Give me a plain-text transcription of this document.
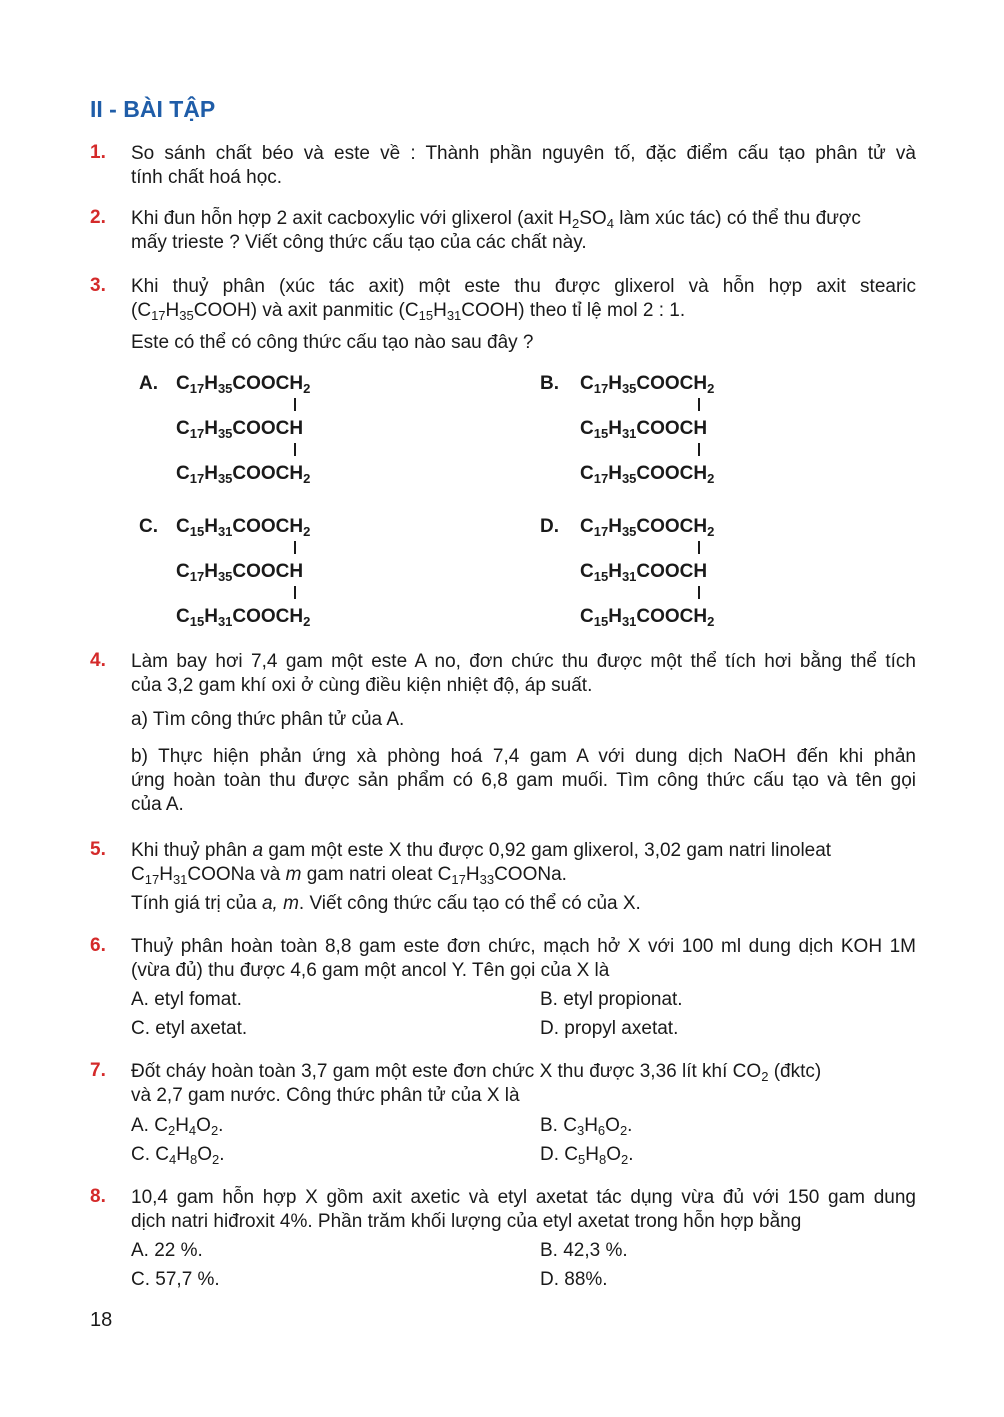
II - BÀI TẬP
1. So sánh chất béo và este về : Thành phần nguyên tố, đặc điểm cấu tạo phân tử và
tính chất hoá học.
2. Khi đun hỗn hợp 2 axit cacboxylic với glixerol (axit $H_2SO_4$ làm xúc tác) có thể thu được
mấy trieste ? Viết công thức cấu tạo của các chất này.
3. Khi thuỷ phân (xúc tác axit) một este thu được glixerol và hỗn hợp axit stearic
$(C_{17}H_{35}COOH)$ và axit panmitic $(C_{15}H_{31}COOH)$ theo tỉ lệ mol 2 : 1.
Este có thể có công thức cấu tạo nào sau đây ?
A. $C_{17}H_{35}COOCH_2$
$C_{17}H_{35}COOCH$
$C_{17}H_{35}COOCH_2$
B. $C_{17}H_{35}COOCH_2$
$C_{15}H_{31}COOCH$
$C_{17}H_{35}COOCH_2$
C. $C_{15}H_{31}COOCH_2$
$C_{17}H_{35}COOCH$
$C_{15}H_{31}COOCH_2$
D. $C_{17}H_{35}COOCH_2$
$C_{15}H_{31}COOCH$
$C_{15}H_{31}COOCH_2$
4. Làm bay hơi 7,4 gam một este A no, đơn chức thu được một thể tích hơi bằng thể tích
của 3,2 gam khí oxi ở cùng điều kiện nhiệt độ, áp suất.
a) Tìm công thức phân tử của A.
b) Thực hiện phản ứng xà phòng hoá 7,4 gam A với dung dịch NaOH đến khi phản
ứng hoàn toàn thu được sản phẩm có 6,8 gam muối. Tìm công thức cấu tạo và tên gọi
của A.
5. Khi thuỷ phân a gam một este X thu được 0,92 gam glixerol, 3,02 gam natri linoleat
$C_{17}H_{31}COONa$ và m gam natri oleat $C_{17}H_{33}COONa$.
Tính giá trị của a, m. Viết công thức cấu tạo có thể có của X.
6. Thuỷ phân hoàn toàn 8,8 gam este đơn chức, mạch hở X với 100 ml dung dịch KOH 1M
(vừa đủ) thu được 4,6 gam một ancol Y. Tên gọi của X là
A. etyl fomat.	B. etyl propionat.
C. etyl axetat.	D. propyl axetat.
7. Đốt cháy hoàn toàn 3,7 gam một este đơn chức X thu được 3,36 lít khí $CO_2$ (đktc)
và 2,7 gam nước. Công thức phân tử của X là
A. $C_2H_4O_2$.	B. $C_3H_6O_2$.
C. $C_4H_8O_2$.	D. $C_5H_8O_2$.
8. 10,4 gam hỗn hợp X gồm axit axetic và etyl axetat tác dụng vừa đủ với 150 gam dung
dịch natri hiđroxit 4%. Phần trăm khối lượng của etyl axetat trong hỗn hợp bằng
A. 22 %.	B. 42,3 %.
C. 57,7 %.	D. 88%.
18
